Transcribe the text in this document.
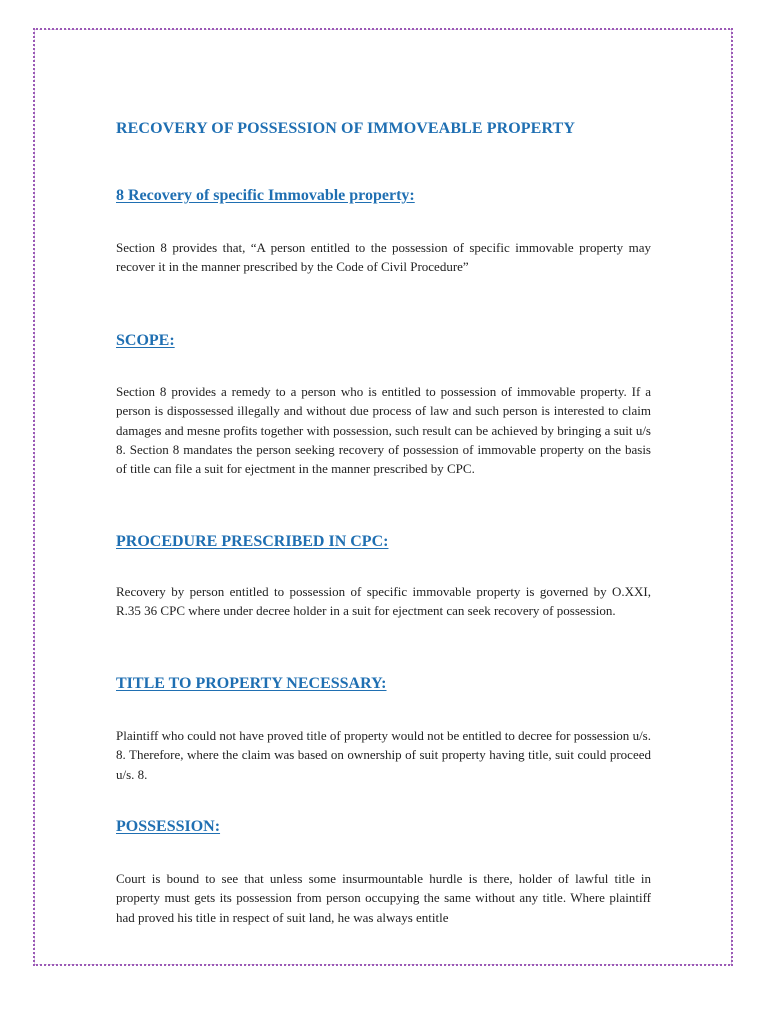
RECOVERY OF POSSESSION OF IMMOVEABLE PROPERTY
8 Recovery of specific Immovable property:

Section 8 provides that, “A person entitled to the possession of specific immovable property may recover it in the manner prescribed by the Code of Civil Procedure”

SCOPE:

Section 8 provides a remedy to a person who is entitled to possession of immovable property. If a person is dispossessed illegally and without due process of law and such person is interested to claim damages and mesne profits together with possession, such result can be achieved by bringing a suit u/s 8. Section 8 mandates the person seeking recovery of possession of immovable property on the basis of title can file a suit for ejectment in the manner prescribed by CPC.

PROCEDURE PRESCRIBED IN CPC:

Recovery by person entitled to possession of specific immovable property is governed by O.XXI, R.35 36 CPC where under decree holder in a suit for ejectment can seek recovery of possession.

TITLE TO PROPERTY NECESSARY:

Plaintiff who could not have proved title of property would not be entitled to decree for possession u/s. 8. Therefore, where the claim was based on ownership of suit property having title, suit could proceed u/s. 8.

POSSESSION:

Court is bound to see that unless some insurmountable hurdle is there, holder of lawful title in property must gets its possession from person occupying the same without any title. Where plaintiff had proved his title in respect of suit land, he was always entitle
